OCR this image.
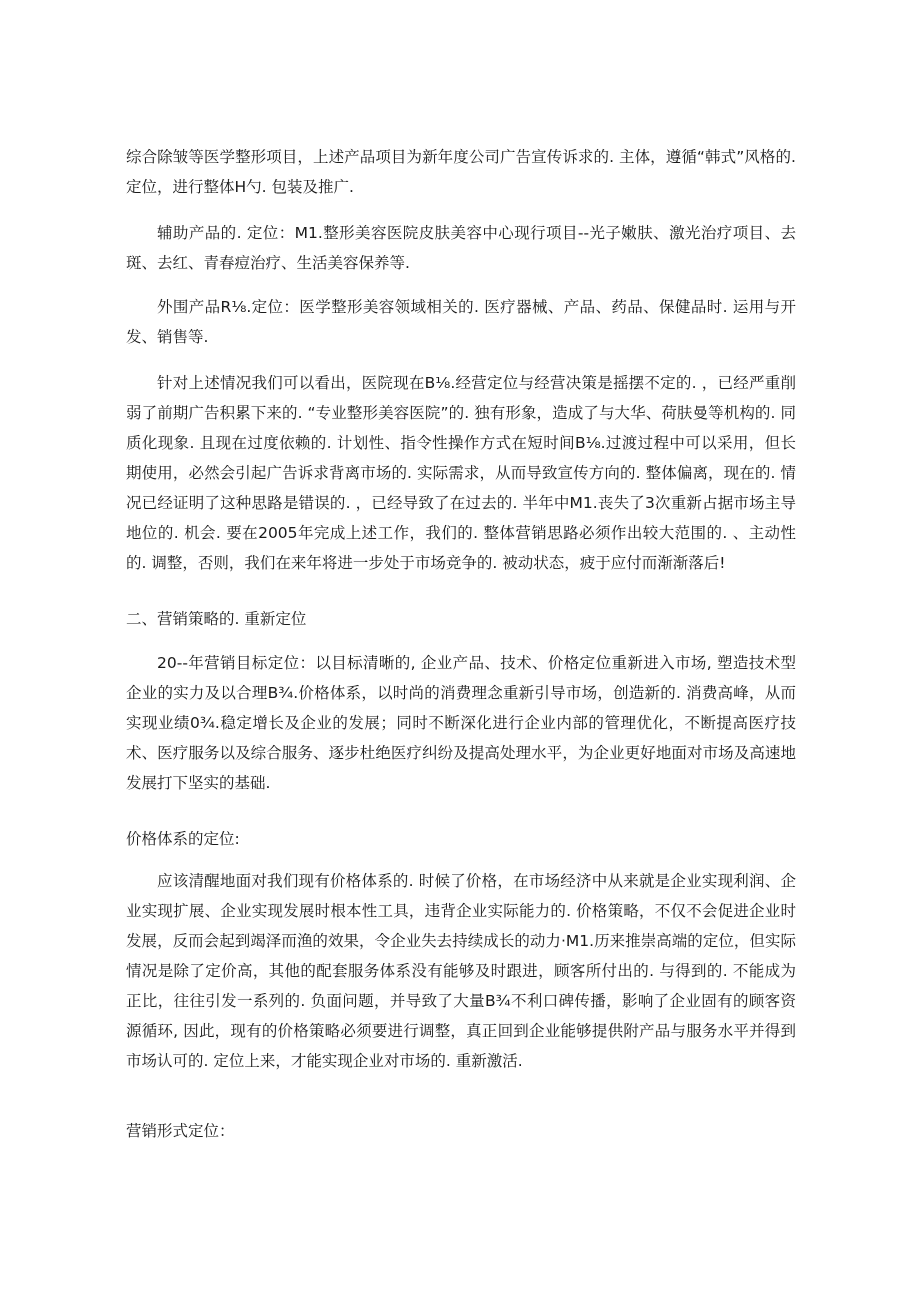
综合除皱等医学整形项目，上述产品项目为新年度公司广告宣传诉求的. 主体，遵循“韩式”风格的. 定位，进行整体H勺. 包装及推广.

辅助产品的. 定位：M1.整形美容医院皮肤美容中心现行项目--光子嫩肤、激光治疗项目、去斑、去红、青春痘治疗、生活美容保养等.

外围产品R⅛.定位：医学整形美容领域相关的. 医疗器械、产品、药品、保健品时. 运用与开发、销售等.

针对上述情况我们可以看出，医院现在B⅛.经营定位与经营决策是摇摆不定的. ，已经严重削弱了前期广告积累下来的. “专业整形美容医院”的. 独有形象，造成了与大华、荷肤曼等机构的. 同质化现象. 且现在过度依赖的. 计划性、指令性操作方式在短时间B⅛.过渡过程中可以采用，但长期使用，必然会引起广告诉求背离市场的. 实际需求，从而导致宣传方向的. 整体偏离，现在的. 情况已经证明了这种思路是错误的. ，已经导致了在过去的. 半年中M1.丧失了3次重新占据市场主导地位的. 机会. 要在2005年完成上述工作，我们的. 整体营销思路必须作出较大范围的. 、主动性的. 调整，否则，我们在来年将进一步处于市场竞争的. 被动状态，疲于应付而渐渐落后!

二、营销策略的. 重新定位

20--年营销目标定位：以目标清晰的, 企业产品、技术、价格定位重新进入市场, 塑造技术型企业的实力及以合理B¾.价格体系，以时尚的消费理念重新引导市场，创造新的. 消费高峰，从而实现业绩0¾.稳定增长及企业的发展；同时不断深化进行企业内部的管理优化，不断提高医疗技术、医疗服务以及综合服务、逐步杜绝医疗纠纷及提高处理水平，为企业更好地面对市场及高速地发展打下坚实的基础.

价格体系的定位:

应该清醒地面对我们现有价格体系的. 时候了价格，在市场经济中从来就是企业实现利润、企业实现扩展、企业实现发展时根本性工具，违背企业实际能力的. 价格策略，不仅不会促进企业时发展，反而会起到竭泽而渔的效果，令企业失去持续成长的动力·M1.历来推崇高端的定位，但实际情况是除了定价高，其他的配套服务体系没有能够及时跟进，顾客所付出的. 与得到的. 不能成为正比，往往引发一系列的. 负面问题，并导致了大量B¾不利口碑传播，影响了企业固有的顾客资源循环, 因此，现有的价格策略必须要进行调整，真正回到企业能够提供附产品与服务水平并得到市场认可的. 定位上来，才能实现企业对市场的. 重新激活.

营销形式定位：
